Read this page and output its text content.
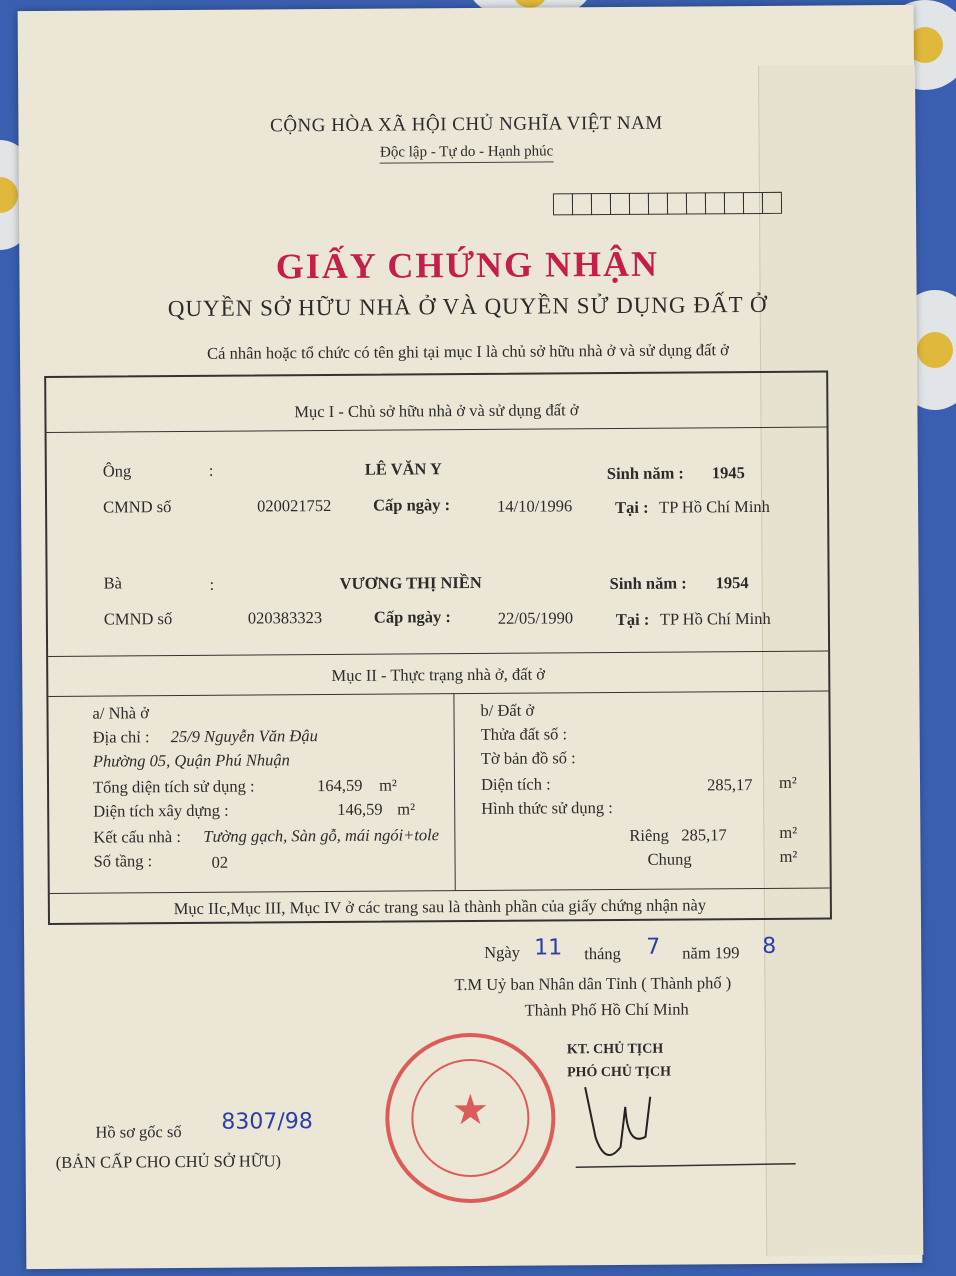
CỘNG HÒA XÃ HỘI CHỦ NGHĨA VIỆT NAM
Độc lập - Tự do - Hạnh phúc
GIẤY CHỨNG NHẬN
QUYỀN SỞ HỮU NHÀ Ở VÀ QUYỀN SỬ DỤNG ĐẤT Ở
Cá nhân hoặc tổ chức có tên ghi tại mục I là chủ sở hữu nhà ở và sử dụng đất ở
Mục I - Chủ sở hữu nhà ở và sử dụng đất ở
Ông	:	LÊ VĂN Y	Sinh năm : 1945
CMND số	020021752	Cấp ngày :	14/10/1996	Tại : TP Hồ Chí Minh
Bà	:	VƯƠNG THỊ NIỀN	Sinh năm : 1954
CMND số	020383323	Cấp ngày :	22/05/1990	Tại : TP Hồ Chí Minh
Mục II - Thực trạng nhà ở, đất ở
a/ Nhà ở
Địa chỉ : 25/9 Nguyễn Văn Đậu
Phường 05, Quận Phú Nhuận
Tổng diện tích sử dụng :	164,59 m²
Diện tích xây dựng :	146,59 m²
Kết cấu nhà : Tường gạch, Sàn gỗ, mái ngói+tole
Số tầng :	02
b/ Đất ở
Thửa đất số :
Tờ bản đồ số :
Diện tích :	285,17 m²
Hình thức sử dụng :
Riêng 285,17	m²
Chung	m²
Mục IIc,Mục III, Mục IV ở các trang sau là thành phần của giấy chứng nhận này
Ngày 11 tháng 7 năm 199 8
T.M Uỷ ban Nhân dân Tỉnh ( Thành phố )
Thành Phố Hồ Chí Minh
KT. CHỦ TỊCH
PHÓ CHỦ TỊCH
★
Hồ sơ gốc số 8307/98
(BẢN CẤP CHO CHỦ SỞ HỮU)
